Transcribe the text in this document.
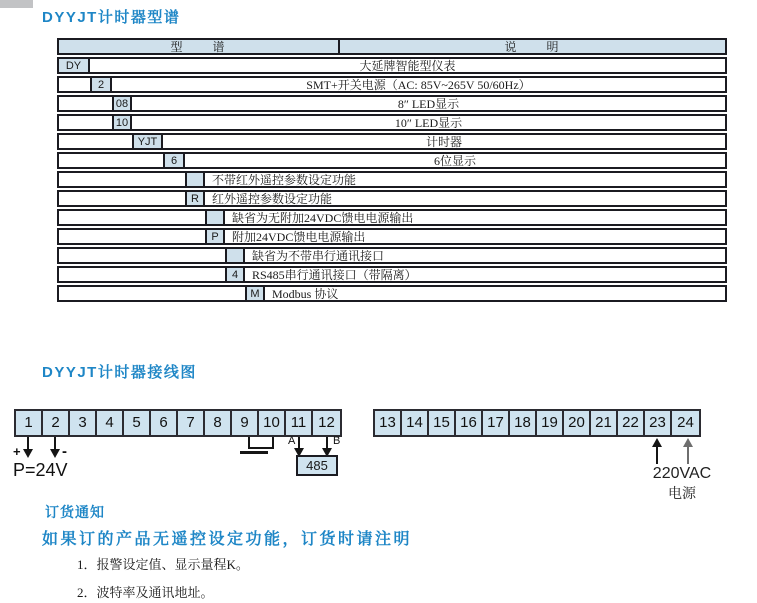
DYYJT计时器型谱
型　　谱	说　　明
DY	大延牌智能型仪表
2	SMT+开关电源（AC: 85V~265V 50/60Hz）
08	8″ LED显示
10	10″ LED显示
YJT	计时器
6	6位显示
不带红外遥控参数设定功能
R	红外遥控参数设定功能
缺省为无附加24VDC馈电电源输出
P	附加24VDC馈电电源输出
缺省为不带串行通讯接口
4	RS485串行通讯接口（带隔离）
M	Modbus 协议
DYYJT计时器接线图
1	2	3	4	5	6	7	8	9 10 11 12	13 14 15 16 17 18 19 20 21 22 23 24
+	-
P=24V
A	B
485	220VAC
电源
订货通知
如果订的产品无遥控设定功能，订货时请注明
1．报警设定值、显示量程K。
2．波特率及通讯地址。
